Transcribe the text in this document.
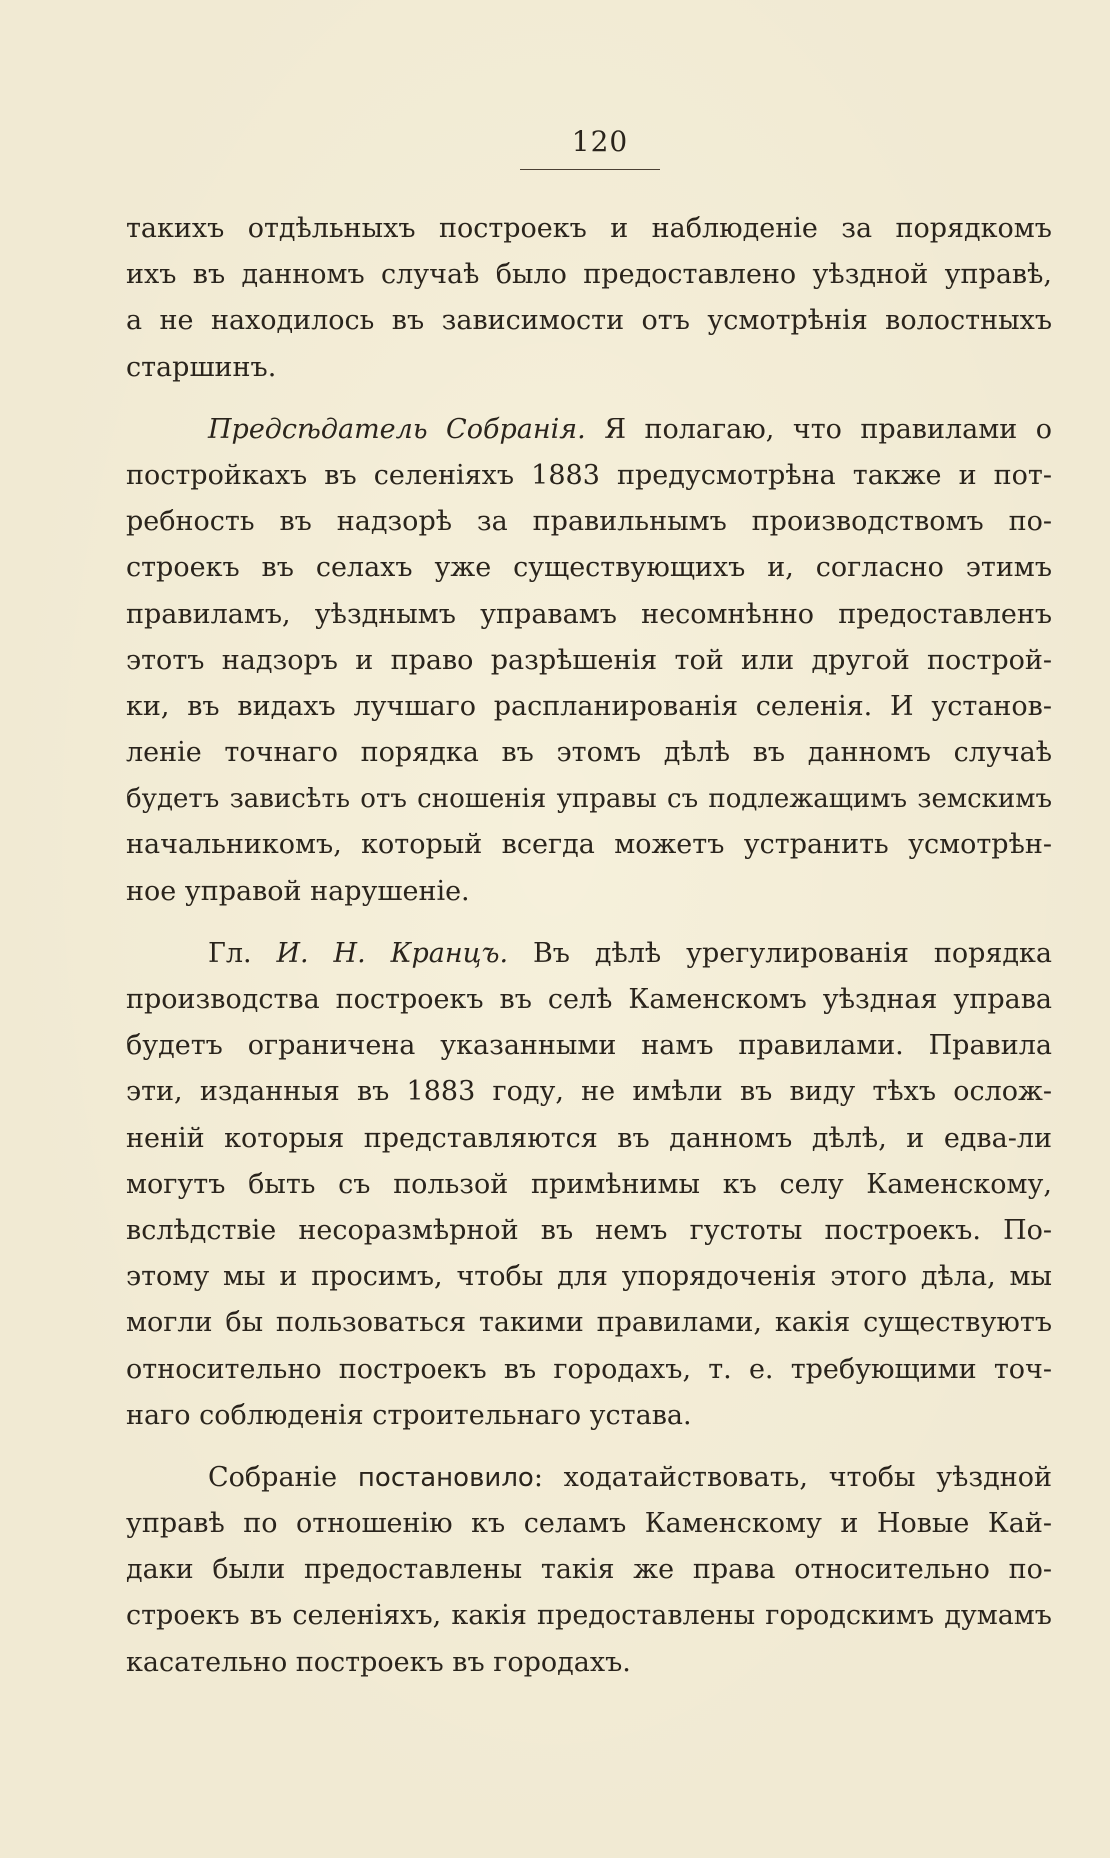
120
такихъ отдѣльныхъ построекъ и наблюденіе за порядкомъ
ихъ въ данномъ случаѣ было предоставлено уѣздной управѣ,
а не находилось въ зависимости отъ усмотрѣнія волостныхъ
старшинъ.
Предсѣдатель Собранія. Я полагаю, что правилами о
постройкахъ въ селеніяхъ 1883 предусмотрѣна также и пот-
ребность въ надзорѣ за правильнымъ производствомъ по-
строекъ въ селахъ уже существующихъ и, согласно этимъ
правиламъ, уѣзднымъ управамъ несомнѣнно предоставленъ
этотъ надзоръ и право разрѣшенія той или другой построй-
ки, въ видахъ лучшаго распланированія селенія. И установ-
леніе точнаго порядка въ этомъ дѣлѣ въ данномъ случаѣ
будетъ зависѣть отъ сношенія управы съ подлежащимъ земскимъ
начальникомъ, который всегда можетъ устранить усмотрѣн-
ное управой нарушеніе.
Гл. И. Н. Кранцъ. Въ дѣлѣ урегулированія порядка
производства построекъ въ селѣ Каменскомъ уѣздная управа
будетъ ограничена указанными намъ правилами. Правила
эти, изданныя въ 1883 году, не имѣли въ виду тѣхъ ослож-
неній которыя представляются въ данномъ дѣлѣ, и едва-ли
могутъ быть съ пользой примѣнимы къ селу Каменскому,
вслѣдствіе несоразмѣрной въ немъ густоты построекъ. По-
этому мы и просимъ, чтобы для упорядоченія этого дѣла, мы
могли бы пользоваться такими правилами, какія существуютъ
относительно построекъ въ городахъ, т. е. требующими точ-
наго соблюденія строительнаго устава.
Собраніе постановило: ходатайствовать, чтобы уѣздной
управѣ по отношенію къ селамъ Каменскому и Новые Кай-
даки были предоставлены такія же права относительно по-
строекъ въ селеніяхъ, какія предоставлены городскимъ думамъ
касательно построекъ въ городахъ.
